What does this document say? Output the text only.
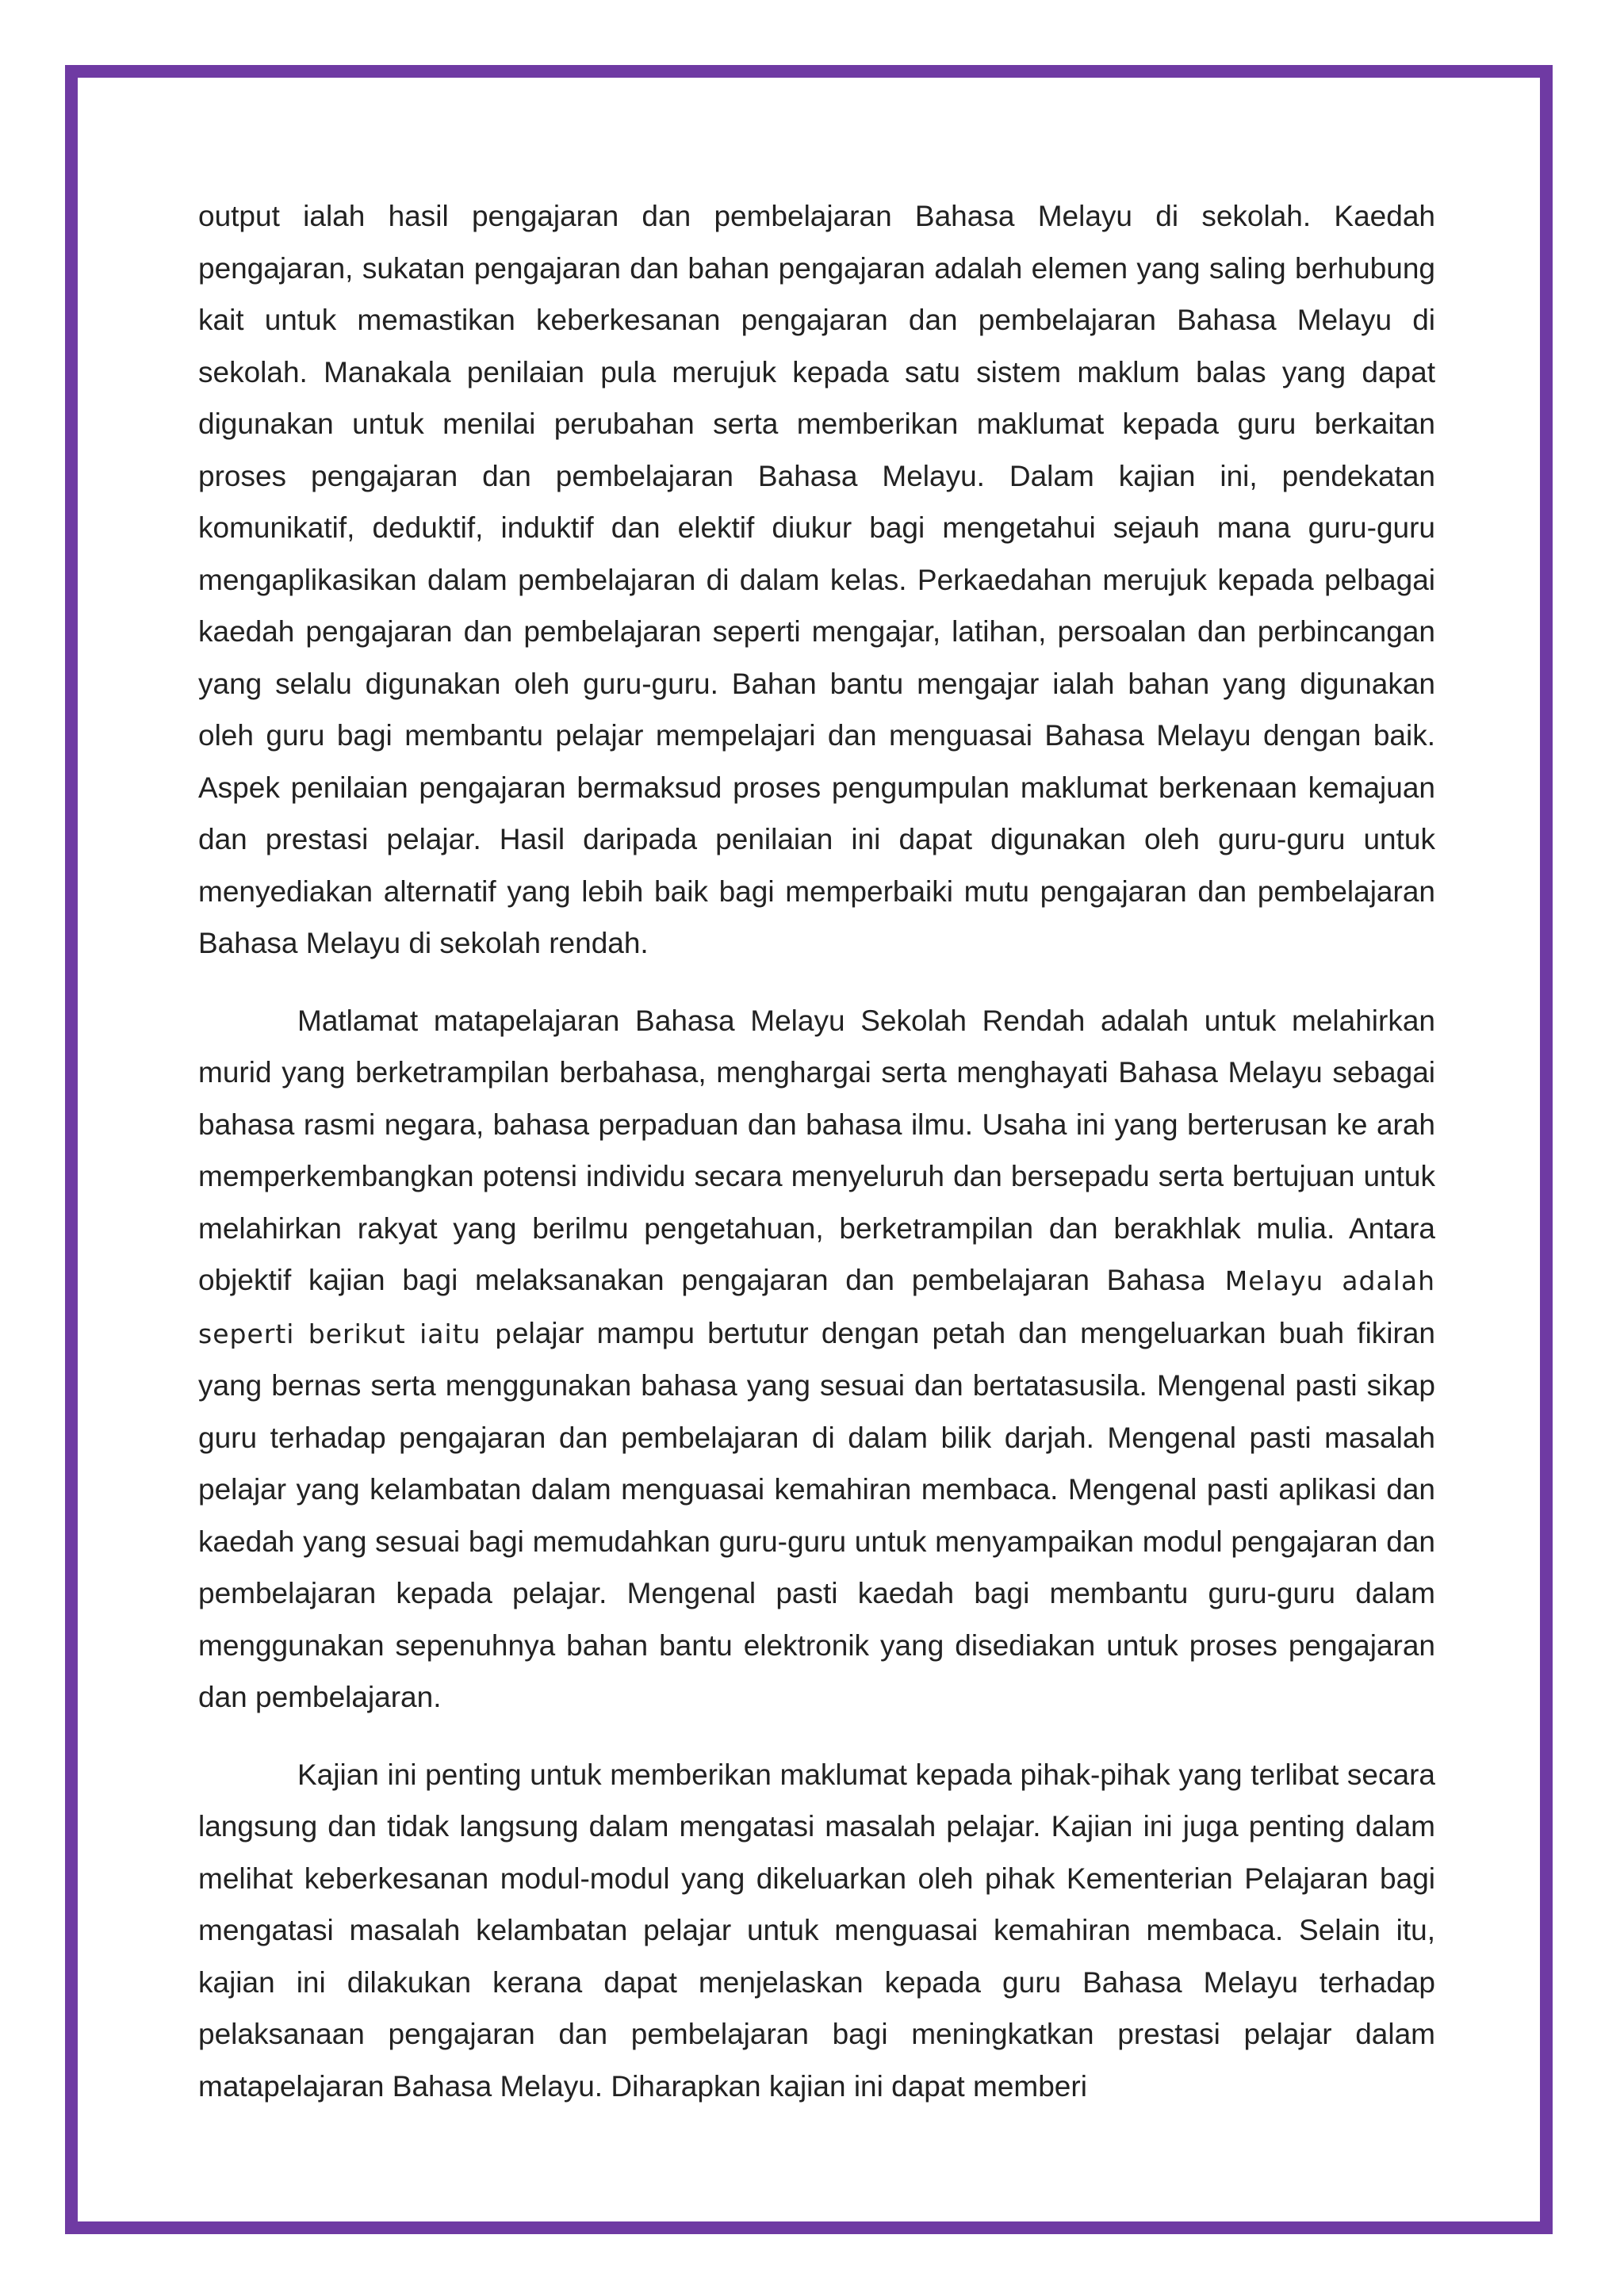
output ialah hasil pengajaran dan pembelajaran Bahasa Melayu di sekolah. Kaedah pengajaran, sukatan pengajaran dan bahan pengajaran adalah elemen yang saling berhubung kait untuk memastikan keberkesanan pengajaran dan pembelajaran Bahasa Melayu di sekolah. Manakala penilaian pula merujuk kepada satu sistem maklum balas yang dapat digunakan untuk menilai perubahan serta memberikan maklumat kepada guru berkaitan proses pengajaran dan pembelajaran Bahasa Melayu. Dalam kajian ini, pendekatan komunikatif, deduktif, induktif dan elektif diukur bagi mengetahui sejauh mana guru-guru mengaplikasikan dalam pembelajaran di dalam kelas. Perkaedahan merujuk kepada pelbagai kaedah pengajaran dan pembelajaran seperti mengajar, latihan, persoalan dan perbincangan yang selalu digunakan oleh guru-guru. Bahan bantu mengajar ialah bahan yang digunakan oleh guru bagi membantu pelajar mempelajari dan menguasai Bahasa Melayu dengan baik. Aspek penilaian pengajaran bermaksud proses pengumpulan maklumat berkenaan kemajuan dan prestasi pelajar. Hasil daripada penilaian ini dapat digunakan oleh guru-guru untuk menyediakan alternatif yang lebih baik bagi memperbaiki mutu pengajaran dan pembelajaran Bahasa Melayu di sekolah rendah.

Matlamat matapelajaran Bahasa Melayu Sekolah Rendah adalah untuk melahirkan murid yang berketrampilan berbahasa, menghargai serta menghayati Bahasa Melayu sebagai bahasa rasmi negara, bahasa perpaduan dan bahasa ilmu. Usaha ini yang berterusan ke arah memperkembangkan potensi individu secara menyeluruh dan bersepadu serta bertujuan untuk melahirkan rakyat yang berilmu pengetahuan, berketrampilan dan berakhlak mulia. Antara objektif kajian bagi melaksanakan pengajaran dan pembelajaran Bahasa Melayu adalah seperti berikut iaitu pelajar mampu bertutur dengan petah dan mengeluarkan buah fikiran yang bernas serta menggunakan bahasa yang sesuai dan bertatasusila. Mengenal pasti sikap guru terhadap pengajaran dan pembelajaran di dalam bilik darjah. Mengenal pasti masalah pelajar yang kelambatan dalam menguasai kemahiran membaca. Mengenal pasti aplikasi dan kaedah yang sesuai bagi memudahkan guru-guru untuk menyampaikan modul pengajaran dan pembelajaran kepada pelajar. Mengenal pasti kaedah bagi membantu guru-guru dalam menggunakan sepenuhnya bahan bantu elektronik yang disediakan untuk proses pengajaran dan pembelajaran.

Kajian ini penting untuk memberikan maklumat kepada pihak-pihak yang terlibat secara langsung dan tidak langsung dalam mengatasi masalah pelajar. Kajian ini juga penting dalam melihat keberkesanan modul-modul yang dikeluarkan oleh pihak Kementerian Pelajaran bagi mengatasi masalah kelambatan pelajar untuk menguasai kemahiran membaca. Selain itu, kajian ini dilakukan kerana dapat menjelaskan kepada guru Bahasa Melayu terhadap pelaksanaan pengajaran dan pembelajaran bagi meningkatkan prestasi pelajar dalam matapelajaran Bahasa Melayu. Diharapkan kajian ini dapat memberi
